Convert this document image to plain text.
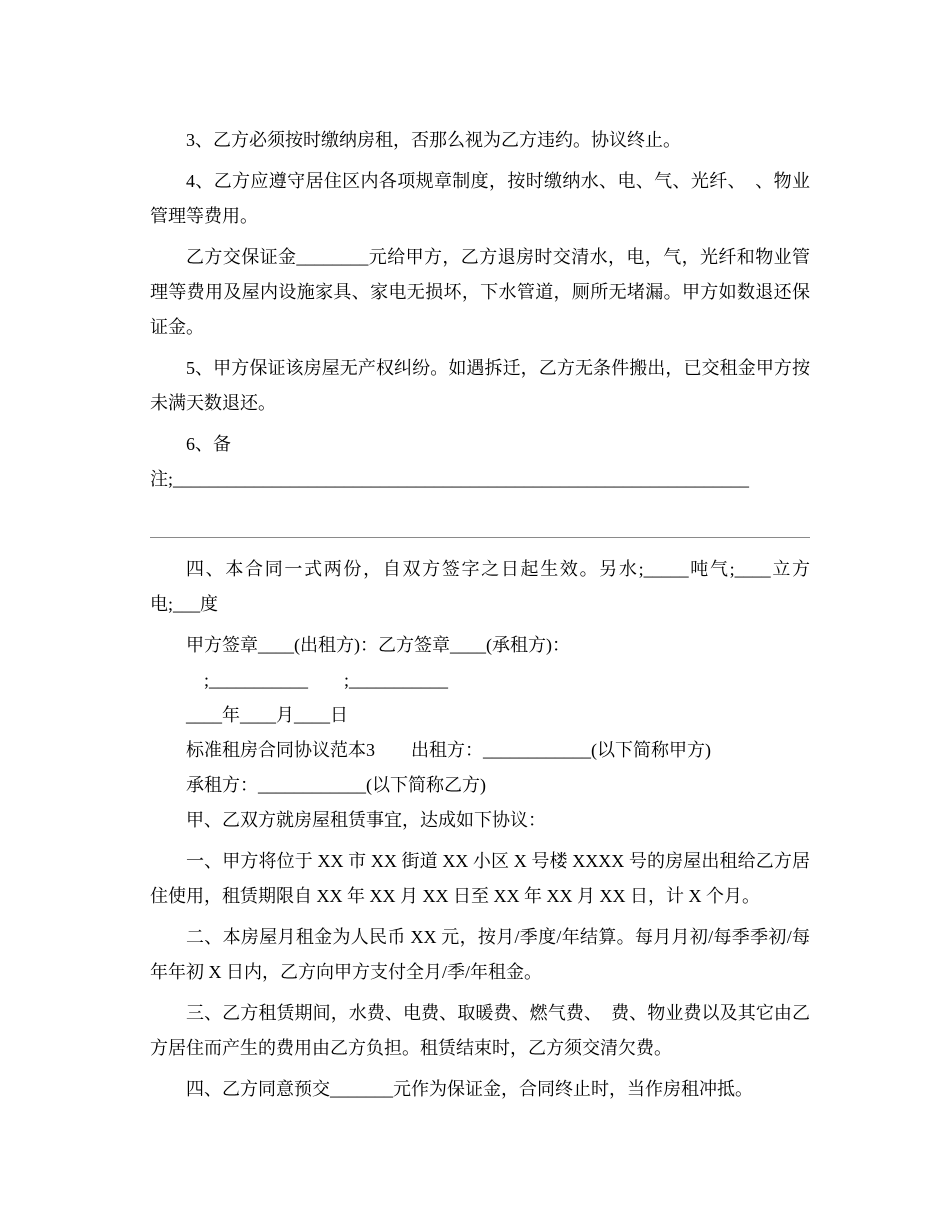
3、乙方必须按时缴纳房租，否那么视为乙方违约。协议终止。

4、乙方应遵守居住区内各项规章制度，按时缴纳水、电、气、光纤、　、物业管理等费用。

乙方交保证金________元给甲方，乙方退房时交清水，电，气，光纤和物业管理等费用及屋内设施家具、家电无损坏，下水管道，厕所无堵漏。甲方如数退还保证金。

5、甲方保证该房屋无产权纠纷。如遇拆迁，乙方无条件搬出，已交租金甲方按未满天数退还。

6、备

注;________________________________________________________________

四、本合同一式两份，自双方签字之日起生效。另水;_____吨气;____立方电;___度

甲方签章____(出租方)：乙方签章____(承租方)：

　;___________　　;___________

____年____月____日

标准租房合同协议范本3　　出租方：____________(以下简称甲方)

承租方：____________(以下简称乙方)

甲、乙双方就房屋租赁事宜，达成如下协议：

一、甲方将位于 XX 市 XX 街道 XX 小区 X 号楼 XXXX 号的房屋出租给乙方居住使用，租赁期限自 XX 年 XX 月 XX 日至 XX 年 XX 月 XX 日，计 X 个月。

二、本房屋月租金为人民币 XX 元，按月/季度/年结算。每月月初/每季季初/每年年初 X 日内，乙方向甲方支付全月/季/年租金。

三、乙方租赁期间，水费、电费、取暖费、燃气费、　费、物业费以及其它由乙方居住而产生的费用由乙方负担。租赁结束时，乙方须交清欠费。

四、乙方同意预交_______元作为保证金，合同终止时，当作房租冲抵。
